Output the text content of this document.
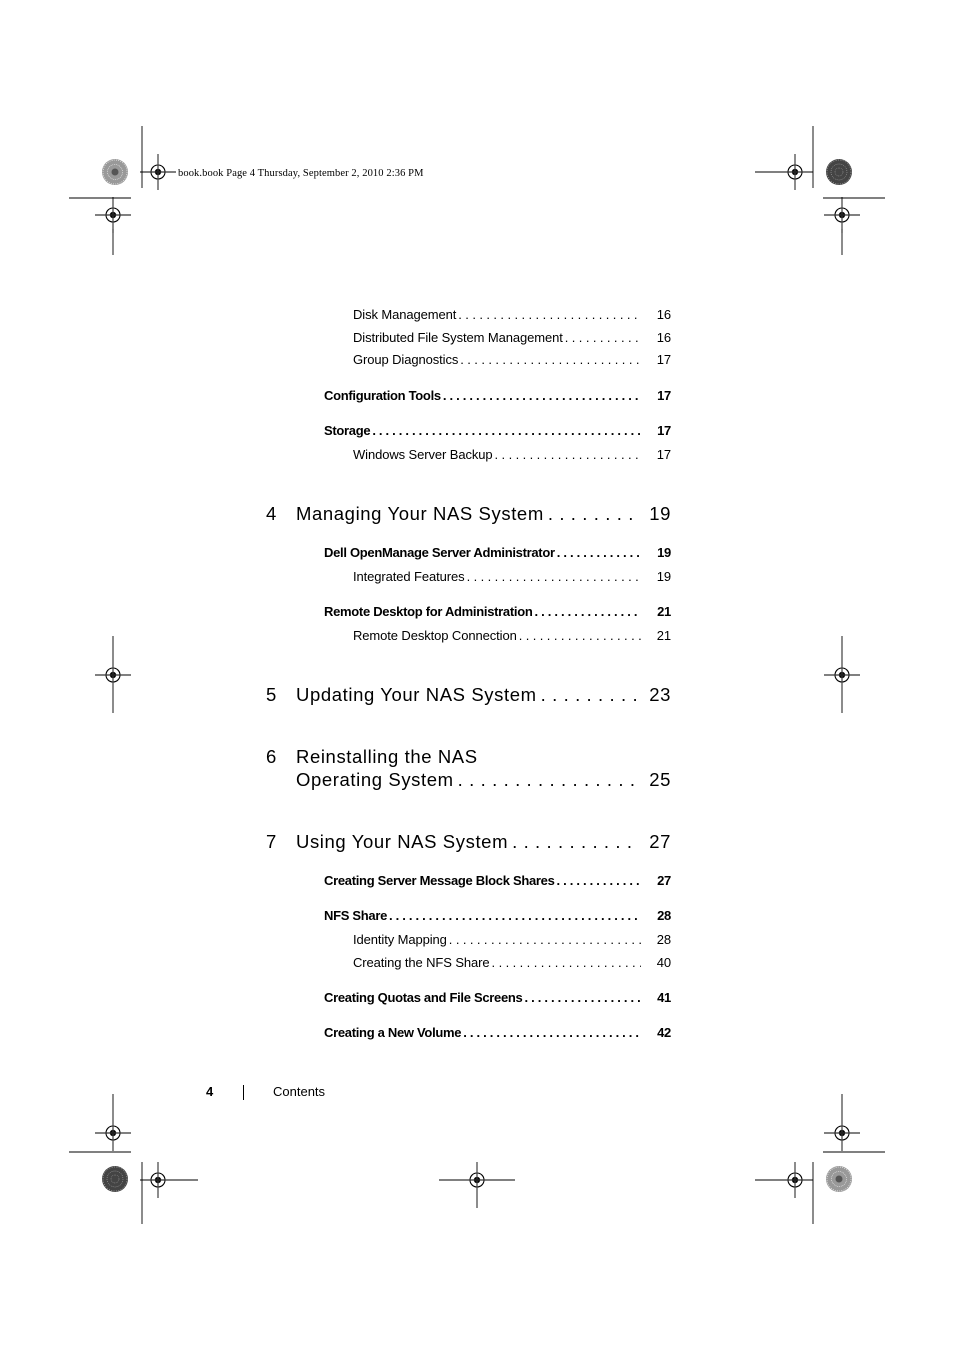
book.book Page 4 Thursday, September 2, 2010 2:36 PM
Disk Management . . .	16
Distributed File System Management . . .	16
Group Diagnostics . . .	17
Configuration Tools . . .	17
Storage . . .	17
Windows Server Backup . . .	17
4	Managing Your NAS System . . .	19
Dell OpenManage Server Administrator . . .	19
Integrated Features . . .	19
Remote Desktop for Administration . . .	21
Remote Desktop Connection . . .	21
5	Updating Your NAS System . . .	23
6 Reinstalling the NAS
Operating System . . .	25
7	Using Your NAS System . . .	27
Creating Server Message Block Shares . . .	27
NFS Share . . .	28
Identity Mapping . . .	28
Creating the NFS Share . . .	40
Creating Quotas and File Screens . . .	41
Creating a New Volume . . .	42
4	Contents
